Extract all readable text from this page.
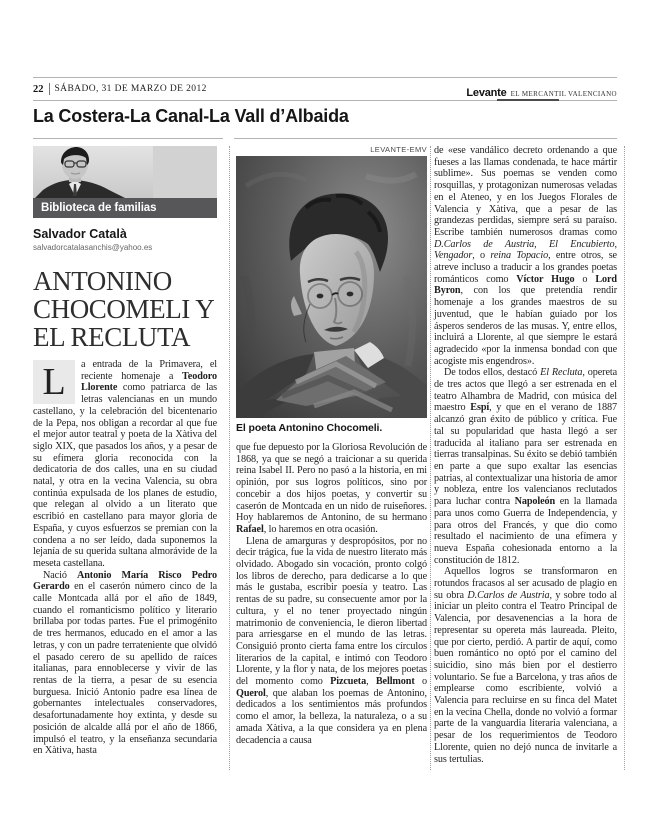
22 SÁBADO, 31 DE MARZO DE 2012	Levante EL MERCANTIL VALENCIANO
La Costera-La Canal-La Vall d’Albaida
Biblioteca de familias
Salvador Català
salvadorcatalasanchis@yahoo.es
ANTONINO
CHOCOMELI Y
EL RECLUTA

L	a entrada de la Primavera, el reciente homenaje a Teodoro Llorente como patriarca de las letras valencianas en un mundo castellano, y la celebración del bicentenario de la Pepa, nos obligan a recordar al que fue el mejor autor teatral y poeta de la Xàtiva del siglo XIX, que pasados los años, y a pesar de su efímera gloria reconocida con la dedicatoria de dos calles, una en su ciudad natal, y otra en la vecina Valencia, su obra continúa expulsada de los planes de estudio, que relegan al olvido a un literato que escribió en castellano para mayor gloria de España, y cuyos esfuerzos se premian con la condena a no ser leído, dada suponemos la lejanía de su querida sultana almorávide de la meseta castellana.

Nació Antonio María Risco Pedro Gerardo en el caserón número cinco de la calle Montcada allá por el año de 1849, cuando el romanticismo político y literario brillaba por todas partes. Fue el primogénito de tres hermanos, educado en el amor a las letras, y con un padre terrateniente que olvidó el pasado cerero de su apellido de raíces italianas, para ennoblecerse y vivir de las rentas de la tierra, a pesar de su esencia burguesa. Inició Antonio padre esa línea de gobernantes intelectuales conservadores, desafortunadamente hoy extinta, y desde su posición de alcalde allá por el año de 1866, impulsó el teatro, y la enseñanza secundaria en Xàtiva, hasta

LEVANTE-EMV
El poeta Antonino Chocomeli.

que fue depuesto por la Gloriosa Revolución de 1868, ya que se negó a traicionar a su querida reina Isabel II. Pero no pasó a la historia, en mi opinión, por sus logros políticos, sino por concebir a dos hijos poetas, y convertir su caserón de Montcada en un nido de ruiseñores. Hoy hablaremos de Antonino, de su hermano Rafael, lo haremos en otra ocasión.

Llena de amarguras y despropósitos, por no decir trágica, fue la vida de nuestro literato más olvidado. Abogado sin vocación, pronto colgó los libros de derecho, para dedicarse a lo que más le gustaba, escribir poesía y teatro. Las rentas de su padre, su consecuente amor por la cultura, y el no tener proyectado ningún matrimonio de conveniencia, le dieron libertad para arriesgarse en el mundo de las letras. Consiguió pronto cierta fama entre los círculos literarios de la capital, e intimó con Teodoro Llorente, y la flor y nata, de los mejores poetas del momento como Pizcueta, Bellmont o Querol, que alaban los poemas de Antonino, dedicados a los sentimientos más profundos como el amor, la belleza, la naturaleza, o a su amada Xàtiva, a la que considera ya en plena decadencia a causa

de «ese vandálico decreto ordenando a que fueses a las llamas condenada, te hace mártir sublime». Sus poemas se venden como rosquillas, y protagonizan numerosas veladas en el Ateneo, y en los Juegos Florales de Valencia y Xàtiva, que a pesar de las grandezas perdidas, siempre será su paraíso. Escribe también numerosos dramas como D.Carlos de Austria, El Encubierto, Vengador, o reina Topacio, entre otros, se atreve incluso a traducir a los grandes poetas románticos como Víctor Hugo o Lord Byron, con los que pretendía rendir homenaje a los grandes maestros de su juventud, que le habían guiado por los ásperos senderos de las musas. Y, entre ellos, incluirá a Llorente, al que siempre le estará agradecido «por la inmensa bondad con que acogiste mis engendros».

De todos ellos, destacó El Recluta, opereta de tres actos que llegó a ser estrenada en el teatro Alhambra de Madrid, con música del maestro Espí, y que en el verano de 1887 alcanzó gran éxito de público y crítica. Fue tal su popularidad que hasta llegó a ser traducida al italiano para ser estrenada en tierras transalpinas. Su éxito se debió también en parte a que supo exaltar las esencias patrias, al contextualizar una historia de amor y nobleza, entre los valencianos reclutados para luchar contra Napoleón en la llamada para unos como Guerra de Independencia, y para otros del Francés, y que dio como resultado el nacimiento de una efímera y nueva España cohesionada entorno a la constitución de 1812.

Aquellos logros se transformaron en rotundos fracasos al ser acusado de plagio en su obra D.Carlos de Austria, y sobre todo al iniciar un pleito contra el Teatro Principal de Valencia, por desavenencias a la hora de representar su opereta más laureada. Pleito, que por cierto, perdió. A partir de aquí, como buen romántico no optó por el camino del suicidio, sino más bien por el destierro voluntario. Se fue a Barcelona, y tras años de emplearse como escribiente, volvió a Valencia para recluirse en su finca del Matet en la vecina Chella, donde no volvió a formar parte de la vanguardia literaria valenciana, a pesar de los requerimientos de Teodoro Llorente, quien no dejó nunca de invitarle a sus tertulias.
